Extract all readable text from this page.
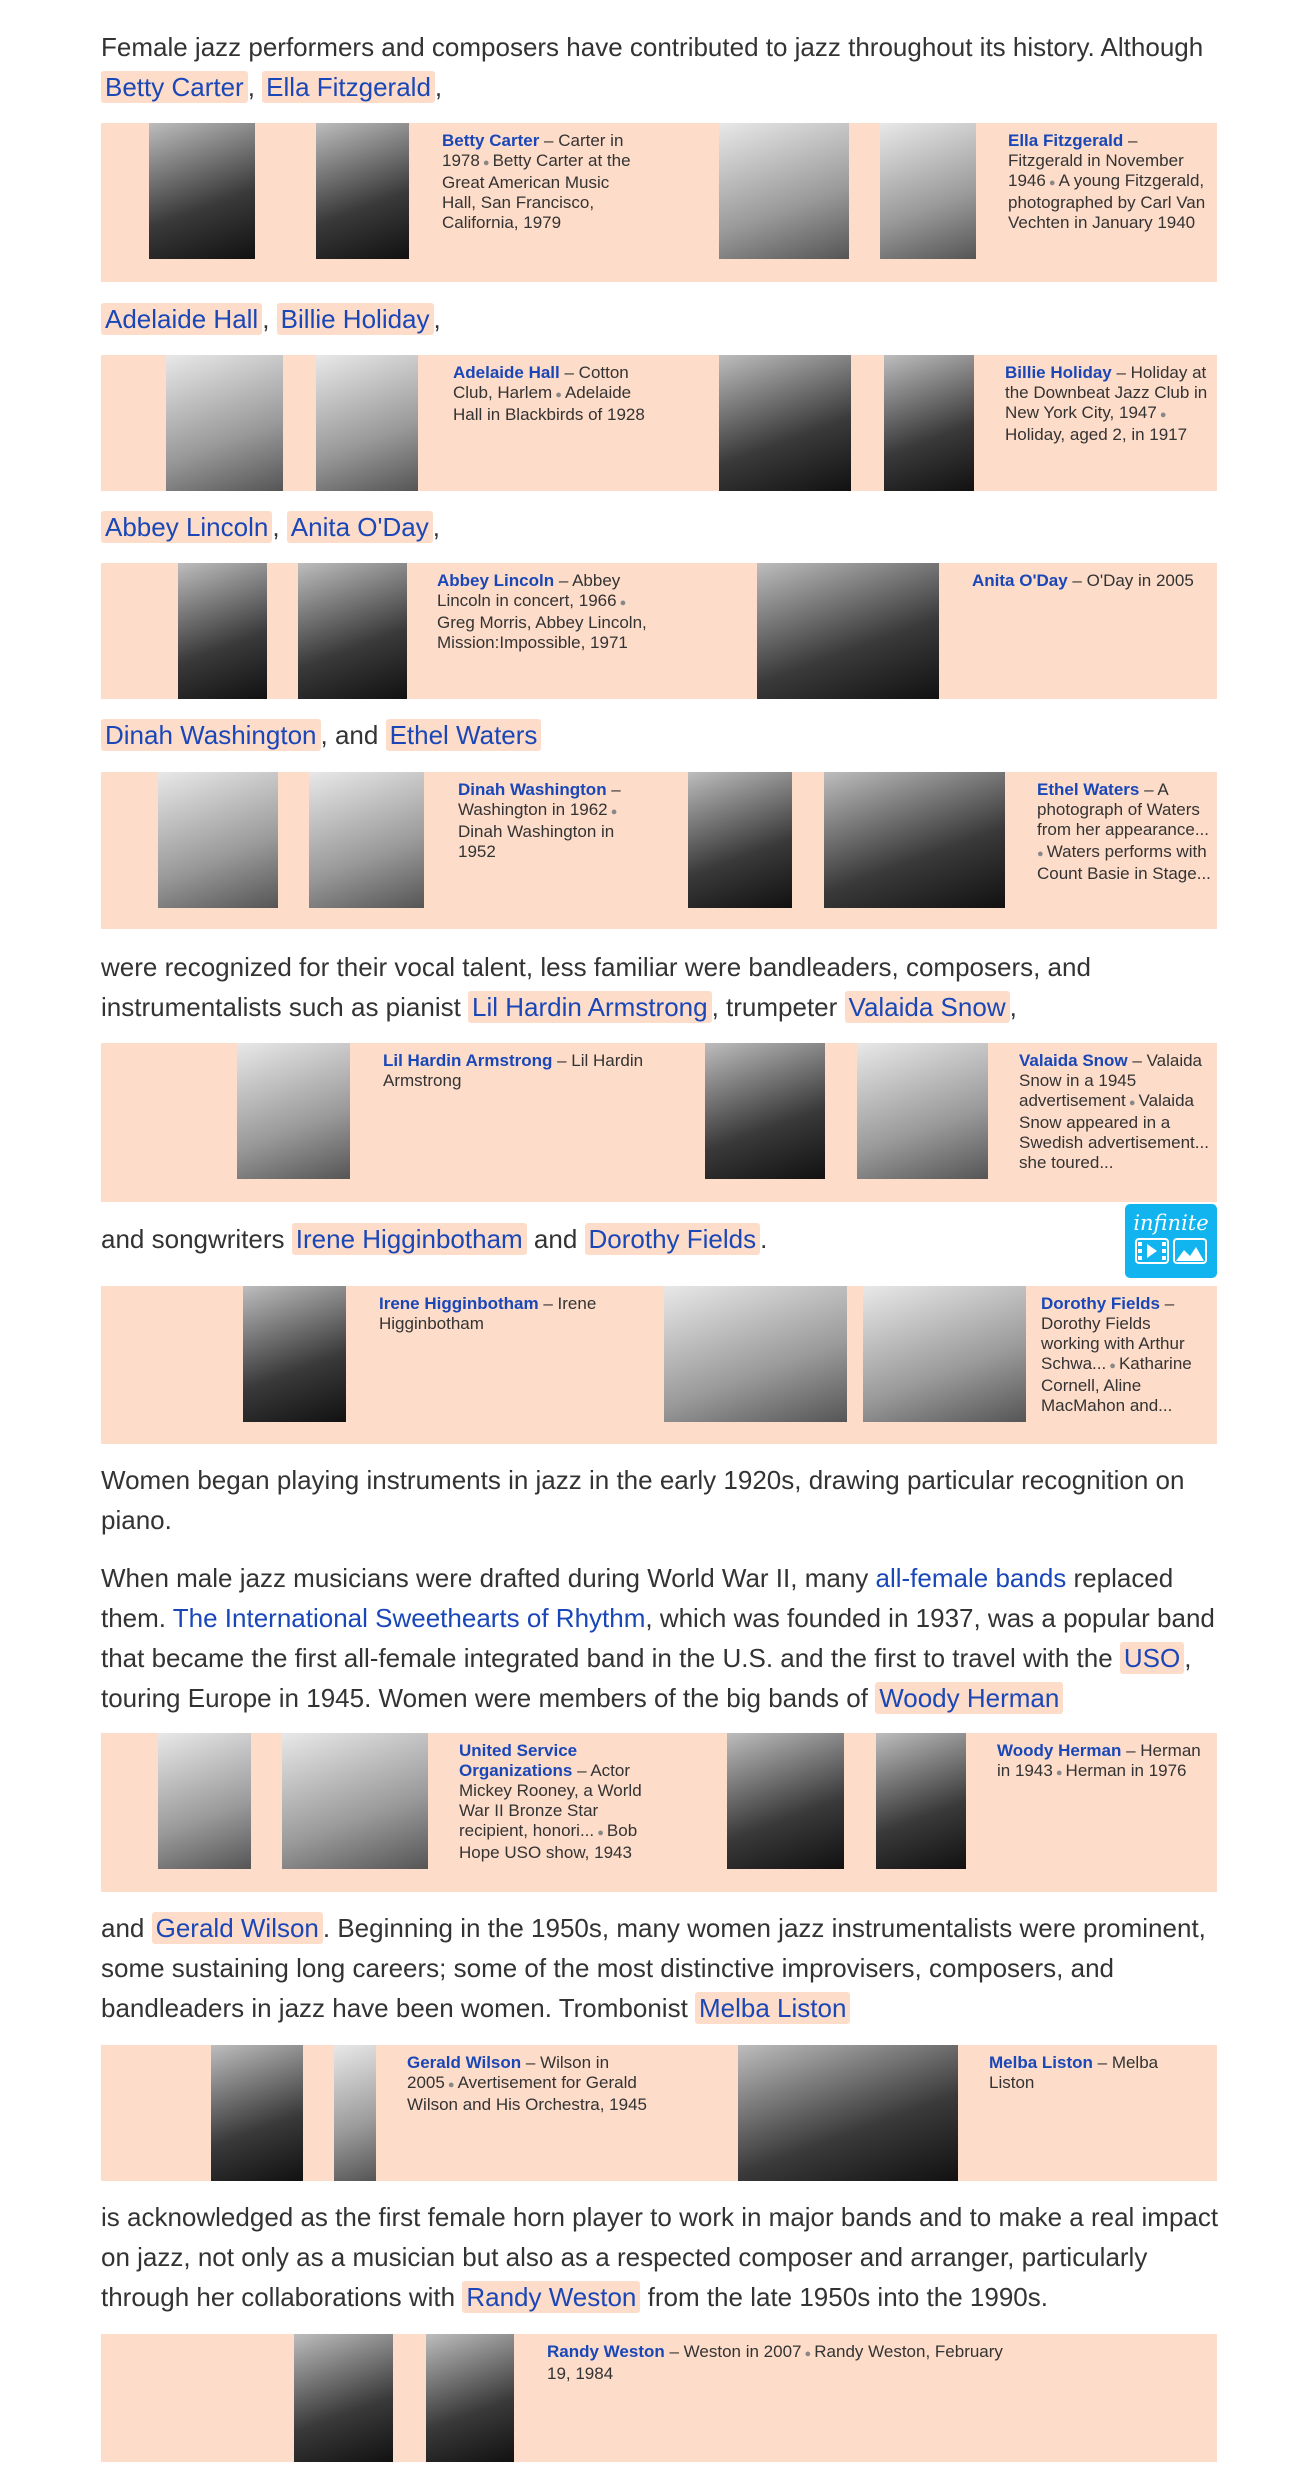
Female jazz performers and composers have contributed to jazz throughout its history. Although
Betty Carter , Ella Fitzgerald ,
Betty Carter – Carter in 1978 ● Betty Carter at the Great American Music Hall, San Francisco, California, 1979
Ella Fitzgerald – Fitzgerald in November 1946 ● A young Fitzgerald, photographed by Carl Van Vechten in January 1940
Adelaide Hall , Billie Holiday ,
Adelaide Hall – Cotton Club, Harlem ● Adelaide Hall in Blackbirds of 1928
Billie Holiday – Holiday at the Downbeat Jazz Club in New York City, 1947 ● Holiday, aged 2, in 1917
Abbey Lincoln , Anita O'Day ,
Abbey Lincoln – Abbey Lincoln in concert, 1966 ● Greg Morris, Abbey Lincoln, Mission:Impossible, 1971
Anita O'Day – O'Day in 2005
Dinah Washington , and Ethel Waters
Dinah Washington – Washington in 1962 ● Dinah Washington in 1952
Ethel Waters – A photograph of Waters from her appearance... ● Waters performs with Count Basie in Stage...
were recognized for their vocal talent, less familiar were bandleaders, composers, and
instrumentalists such as pianist Lil Hardin Armstrong , trumpeter Valaida Snow ,
Lil Hardin Armstrong – Lil Hardin Armstrong
Valaida Snow – Valaida Snow in a 1945 advertisement ● Valaida Snow appeared in a Swedish advertisement... she toured...
and songwriters Irene Higginbotham and Dorothy Fields .
Irene Higginbotham – Irene Higginbotham
Dorothy Fields – Dorothy Fields working with Arthur Schwa... ● Katharine Cornell, Aline MacMahon and...
Women began playing instruments in jazz in the early 1920s, drawing particular recognition on
piano.
When male jazz musicians were drafted during World War II, many all-female bands replaced
them. The International Sweethearts of Rhythm, which was founded in 1937, was a popular band
that became the first all-female integrated band in the U.S. and the first to travel with the USO ,
touring Europe in 1945. Women were members of the big bands of Woody Herman
United Service Organizations – Actor Mickey Rooney, a World War II Bronze Star recipient, honori... ● Bob Hope USO show, 1943
Woody Herman – Herman in 1943 ● Herman in 1976
and Gerald Wilson . Beginning in the 1950s, many women jazz instrumentalists were prominent,
some sustaining long careers; some of the most distinctive improvisers, composers, and
bandleaders in jazz have been women. Trombonist Melba Liston
Gerald Wilson – Wilson in 2005 ● Avertisement for Gerald Wilson and His Orchestra, 1945
Melba Liston – Melba Liston
is acknowledged as the first female horn player to work in major bands and to make a real impact
on jazz, not only as a musician but also as a respected composer and arranger, particularly
through her collaborations with Randy Weston from the late 1950s into the 1990s.
Randy Weston – Weston in 2007 ● Randy Weston, February 19, 1984
infinite
